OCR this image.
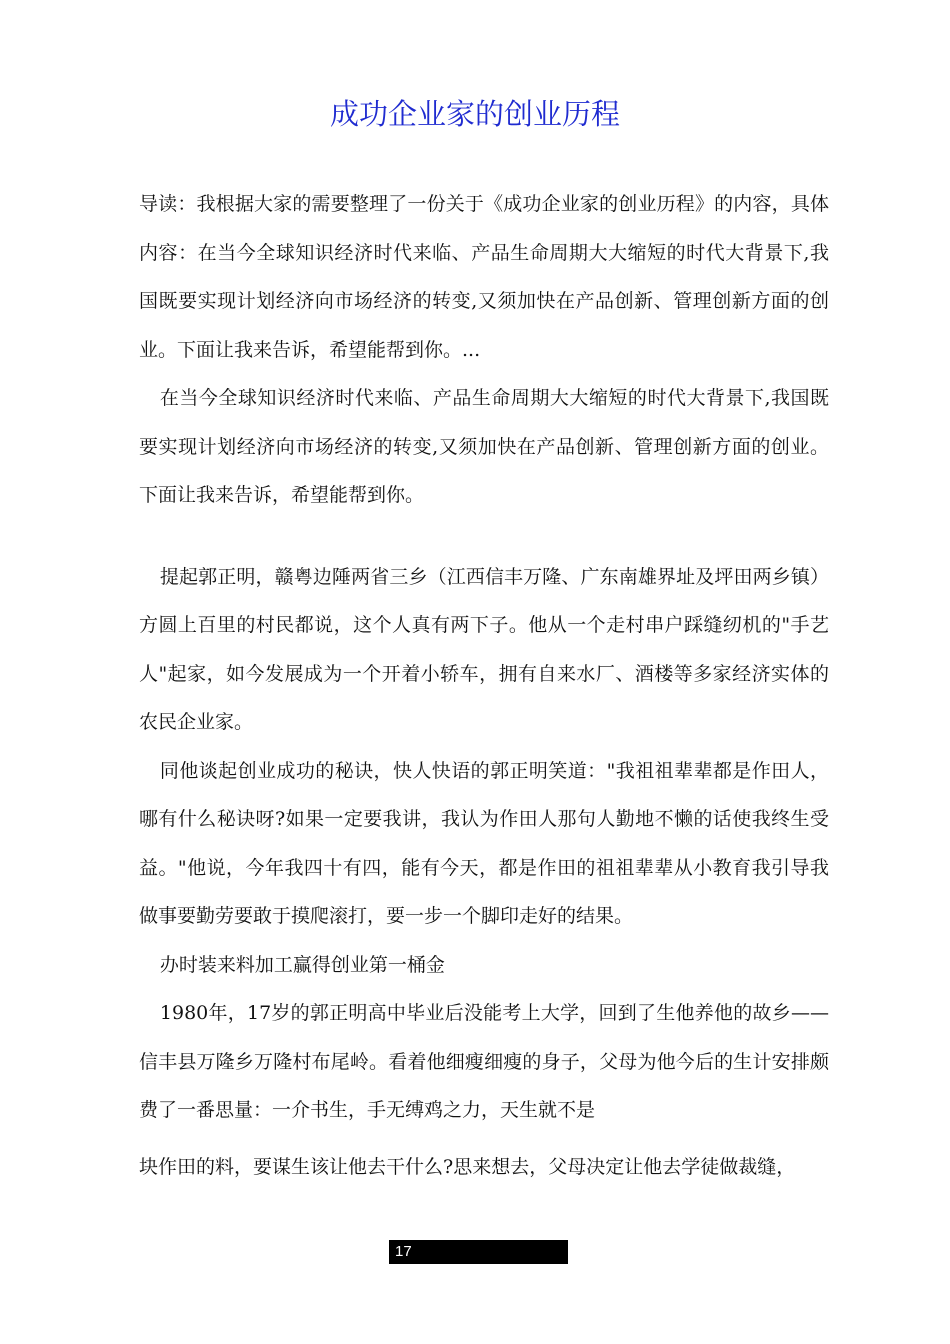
成功企业家的创业历程

导读：我根据大家的需要整理了一份关于《成功企业家的创业历程》的内容，具体内容：在当今全球知识经济时代来临、产品生命周期大大缩短的时代大背景下,我国既要实现计划经济向市场经济的转变,又须加快在产品创新、管理创新方面的创业。下面让我来告诉，希望能帮到你。...

在当今全球知识经济时代来临、产品生命周期大大缩短的时代大背景下,我国既要实现计划经济向市场经济的转变,又须加快在产品创新、管理创新方面的创业。下面让我来告诉，希望能帮到你。

提起郭正明，赣粤边陲两省三乡（江西信丰万隆、广东南雄界址及坪田两乡镇）方圆上百里的村民都说，这个人真有两下子。他从一个走村串户踩缝纫机的"手艺人"起家，如今发展成为一个开着小轿车，拥有自来水厂、酒楼等多家经济实体的农民企业家。

同他谈起创业成功的秘诀，快人快语的郭正明笑道："我祖祖辈辈都是作田人，哪有什么秘诀呀?如果一定要我讲，我认为作田人那句人勤地不懒的话使我终生受益。"他说，今年我四十有四，能有今天，都是作田的祖祖辈辈从小教育我引导我做事要勤劳要敢于摸爬滚打，要一步一个脚印走好的结果。

办时装来料加工赢得创业第一桶金

1980年，17岁的郭正明高中毕业后没能考上大学，回到了生他养他的故乡——信丰县万隆乡万隆村布尾岭。看着他细瘦细瘦的身子，父母为他今后的生计安排颇费了一番思量：一介书生，手无缚鸡之力，天生就不是

块作田的料，要谋生该让他去干什么?思来想去，父母决定让他去学徒做裁缝，

17
